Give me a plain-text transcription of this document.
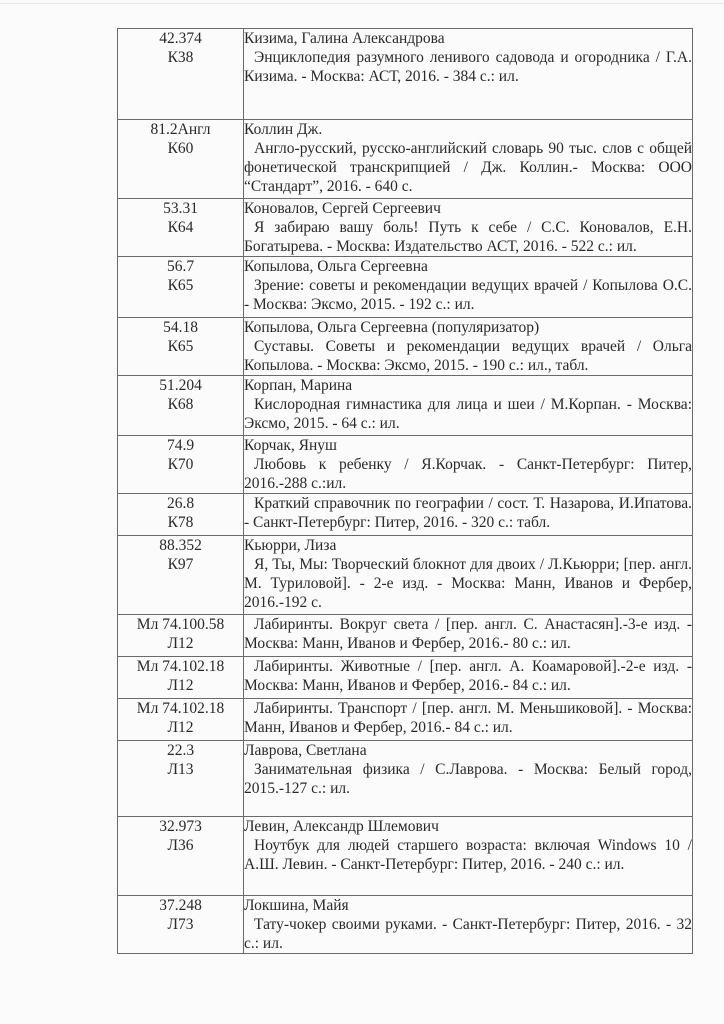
42.374
К38	Кизима, Галина Александрова
Энциклопедия разумного ленивого садовода и огородника / Г.А. Кизима. - Москва: АСТ, 2016. - 384 с.: ил.

81.2Англ
К60	Коллин Дж.
Англо-русский, русско-английский словарь 90 тыс. слов с общей фонетической транскрипцией / Дж. Коллин.- Москва: ООО “Стандарт”, 2016. - 640 с.

53.31
К64	Коновалов, Сергей Сергеевич
Я забираю вашу боль! Путь к себе / С.С. Коновалов, Е.Н. Богатырева. - Москва: Издательство АСТ, 2016. - 522 с.: ил.

56.7
К65	Копылова, Ольга Сергеевна
Зрение: советы и рекомендации ведущих врачей / Копылова О.С. - Москва: Эксмо, 2015. - 192 с.: ил.

54.18
К65	Копылова, Ольга Сергеевна (популяризатор)
Суставы. Советы и рекомендации ведущих врачей / Ольга Копылова. - Москва: Эксмо, 2015. - 190 с.: ил., табл.

51.204
К68	Корпан, Марина
Кислородная гимнастика для лица и шеи / М.Корпан. - Москва: Эксмо, 2015. - 64 с.: ил.

74.9
К70	Корчак, Януш
Любовь к ребенку / Я.Корчак. - Санкт-Петербург: Питер, 2016.-288 с.:ил.

26.8
К78	Краткий справочник по географии / сост. Т. Назарова, И.Ипатова. - Санкт-Петербург: Питер, 2016. - 320 с.: табл.

88.352
К97	Кьюрри, Лиза
Я, Ты, Мы: Творческий блокнот для двоих / Л.Кьюрри; [пер. англ. М. Туриловой]. - 2-е изд. - Москва: Манн, Иванов и Фербер, 2016.-192 с.

Мл 74.100.58
Л12	Лабиринты. Вокруг света / [пер. англ. С. Анастасян].-3-е изд. - Москва: Манн, Иванов и Фербер, 2016.- 80 с.: ил.

Мл 74.102.18
Л12	Лабиринты. Животные / [пер. англ. А. Коамаровой].-2-е изд. - Москва: Манн, Иванов и Фербер, 2016.- 84 с.: ил.

Мл 74.102.18
Л12	Лабиринты. Транспорт / [пер. англ. М. Меньшиковой]. - Москва: Манн, Иванов и Фербер, 2016.- 84 с.: ил.

22.3
Л13	Лаврова, Светлана
Занимательная физика / С.Лаврова. - Москва: Белый город, 2015.-127 с.: ил.

32.973
Л36	Левин, Александр Шлемович
Ноутбук для людей старшего возраста: включая Windows 10 / А.Ш. Левин. - Санкт-Петербург: Питер, 2016. - 240 с.: ил.

37.248
Л73	Локшина, Майя
Тату-чокер своими руками. - Санкт-Петербург: Питер, 2016. - 32 с.: ил.
